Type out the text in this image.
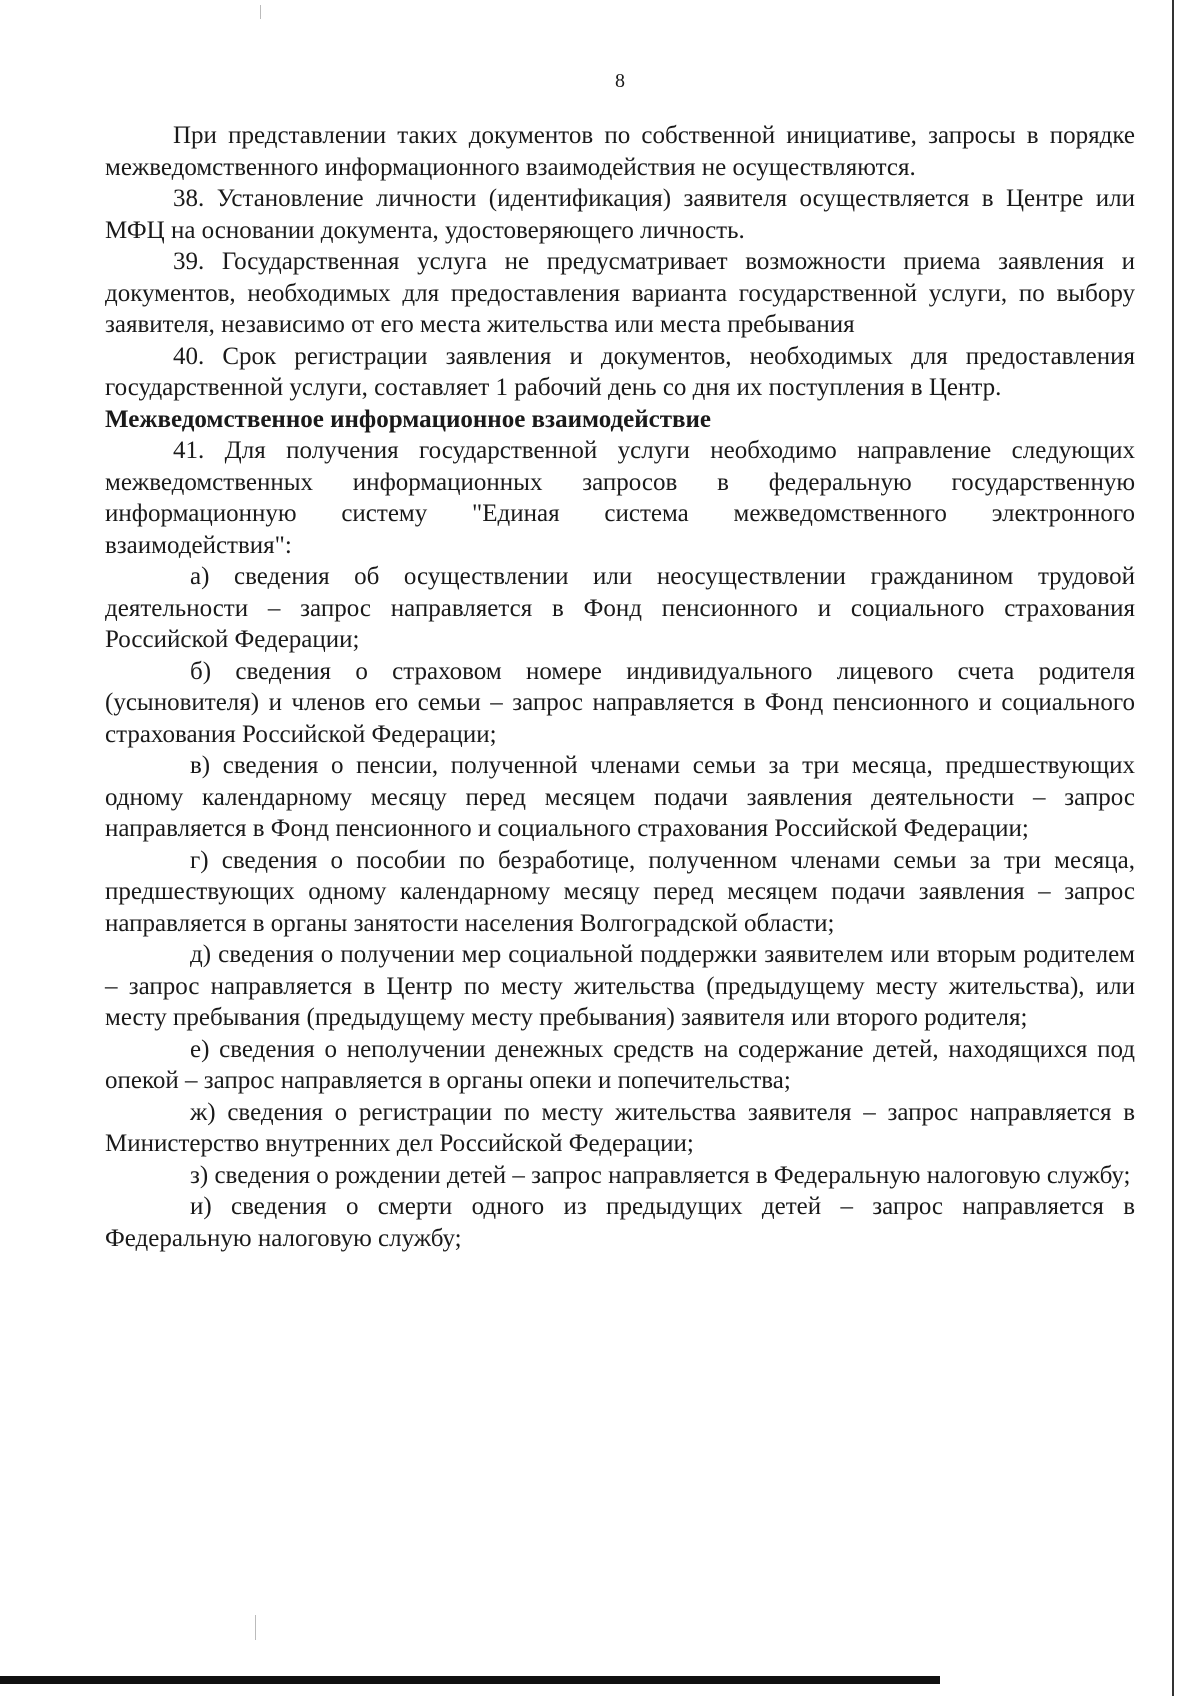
8

При представлении таких документов по собственной инициативе, запросы в порядке межведомственного информационного взаимодействия не осуществляются.

38. Установление личности (идентификация) заявителя осуществляется в Центре или МФЦ на основании документа, удостоверяющего личность.

39. Государственная услуга не предусматривает возможности приема заявления и документов, необходимых для предоставления варианта государственной услуги, по выбору заявителя, независимо от его места жительства или места пребывания

40. Срок регистрации заявления и документов, необходимых для предоставления государственной услуги, составляет 1 рабочий день со дня их поступления в Центр.

Межведомственное информационное взаимодействие

41. Для получения государственной услуги необходимо направление следующих межведомственных информационных запросов в федеральную государственную информационную систему "Единая система межведомственного электронного взаимодействия":

а) сведения об осуществлении или неосуществлении гражданином трудовой деятельности – запрос направляется в Фонд пенсионного и социального страхования Российской Федерации;

б) сведения о страховом номере индивидуального лицевого счета родителя (усыновителя) и членов его семьи – запрос направляется в Фонд пенсионного и социального страхования Российской Федерации;

в) сведения о пенсии, полученной членами семьи за три месяца, предшествующих одному календарному месяцу перед месяцем подачи заявления деятельности – запрос направляется в Фонд пенсионного и социального страхования Российской Федерации;

г) сведения о пособии по безработице, полученном членами семьи за три месяца, предшествующих одному календарному месяцу перед месяцем подачи заявления – запрос направляется в органы занятости населения Волгоградской области;

д) сведения о получении мер социальной поддержки заявителем или вторым родителем – запрос направляется в Центр по месту жительства (предыдущему месту жительства), или месту пребывания (предыдущему месту пребывания) заявителя или второго родителя;

е) сведения о неполучении денежных средств на содержание детей, находящихся под опекой – запрос направляется в органы опеки и попечительства;

ж) сведения о регистрации по месту жительства заявителя – запрос направляется в Министерство внутренних дел Российской Федерации;

з) сведения о рождении детей – запрос направляется в Федеральную налоговую службу;

и) сведения о смерти одного из предыдущих детей – запрос направляется в Федеральную налоговую службу;
